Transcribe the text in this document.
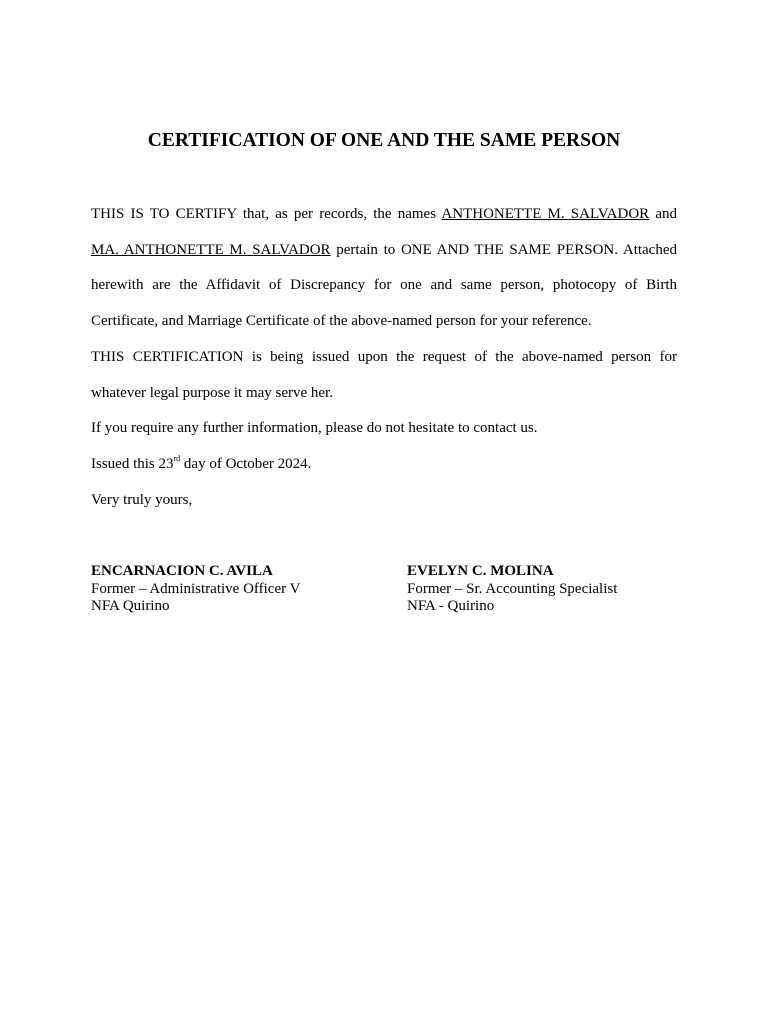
CERTIFICATION OF ONE AND THE SAME PERSON

THIS IS TO CERTIFY that, as per records, the names ANTHONETTE M. SALVADOR and MA. ANTHONETTE M. SALVADOR pertain to ONE AND THE SAME PERSON. Attached herewith are the Affidavit of Discrepancy for one and same person, photocopy of Birth Certificate, and Marriage Certificate of the above-named person for your reference.

THIS CERTIFICATION is being issued upon the request of the above-named person for whatever legal purpose it may serve her.

If you require any further information, please do not hesitate to contact us.

Issued this 23rd day of October 2024.

Very truly yours,

ENCARNACION C. AVILA
Former – Administrative Officer V
NFA Quirino
EVELYN C. MOLINA
Former – Sr. Accounting Specialist
NFA - Quirino
